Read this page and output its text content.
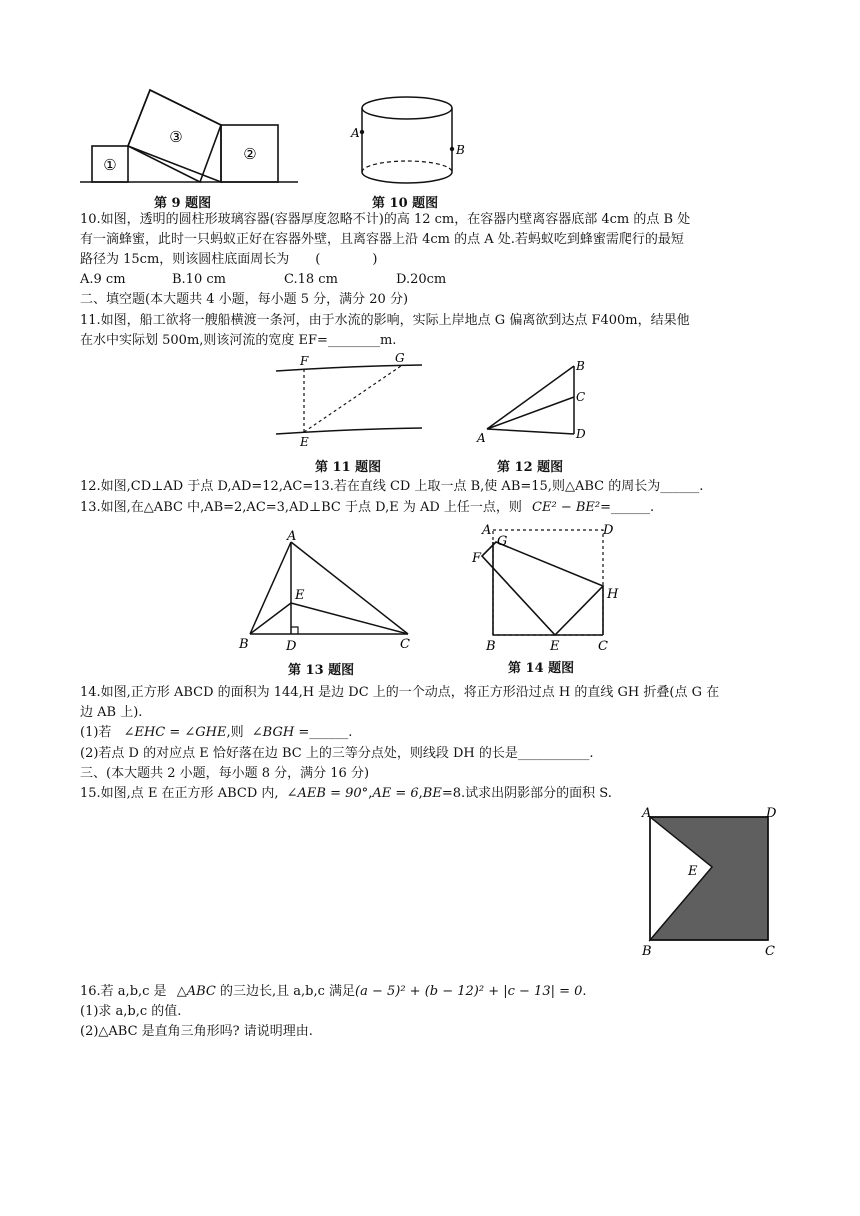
①
③
②
第 9 题图
A
B
第 10 题图
10.如图，透明的圆柱形玻璃容器(容器厚度忽略不计)的高 12 cm，在容器内壁离容器底部 4cm 的点 B 处
有一滴蜂蜜，此时一只蚂蚁正好在容器外壁，且离容器上沿 4cm 的点 A 处.若蚂蚁吃到蜂蜜需爬行的最短
路径为 15cm，则该圆柱底面周长为　　(　　　　)
A.9 cm	B.10 cm	C.18 cm	D.20cm
二、填空题(本大题共 4 小题，每小题 5 分，满分 20 分)
11.如图，船工欲将一艘船横渡一条河，由于水流的影响，实际上岸地点 G 偏离欲到达点 F400m，结果他
在水中实际划 500m,则该河流的宽度 EF=________m.
F	G
E
第 11 题图
A
B
C
D
第 12 题图
12.如图,CD⊥AD 于点 D,AD=12,AC=13.若在直线 CD 上取一点 B,使 AB=15,则△ABC 的周长为______.
13.如图,在△ABC 中,AB=2,AC=3,AD⊥BC 于点 D,E 为 AD 上任一点，则 CE² − BE²=______.
A
B	C
D
E
第 13 题图
A	D
G
F
H
B	E	C
第 14 题图
14.如图,正方形 ABCD 的面积为 144,H 是边 DC 上的一个动点，将正方形沿过点 H 的直线 GH 折叠(点 G 在
边 AB 上).
(1)若 ∠EHC = ∠GHE,则 ∠BGH =______.
(2)若点 D 的对应点 E 恰好落在边 BC 上的三等分点处，则线段 DH 的长是___________.
三、(本大题共 2 小题，每小题 8 分，满分 16 分)
15.如图,点 E 在正方形 ABCD 内, ∠AEB = 90°,AE = 6,BE=8.试求出阴影部分的面积 S.
A	D
E
B	C
16.若 a,b,c 是 △ABC 的三边长,且 a,b,c 满足(a − 5)² + (b − 12)² + |c − 13| = 0.
(1)求 a,b,c 的值.
(2)△ABC 是直角三角形吗? 请说明理由.
